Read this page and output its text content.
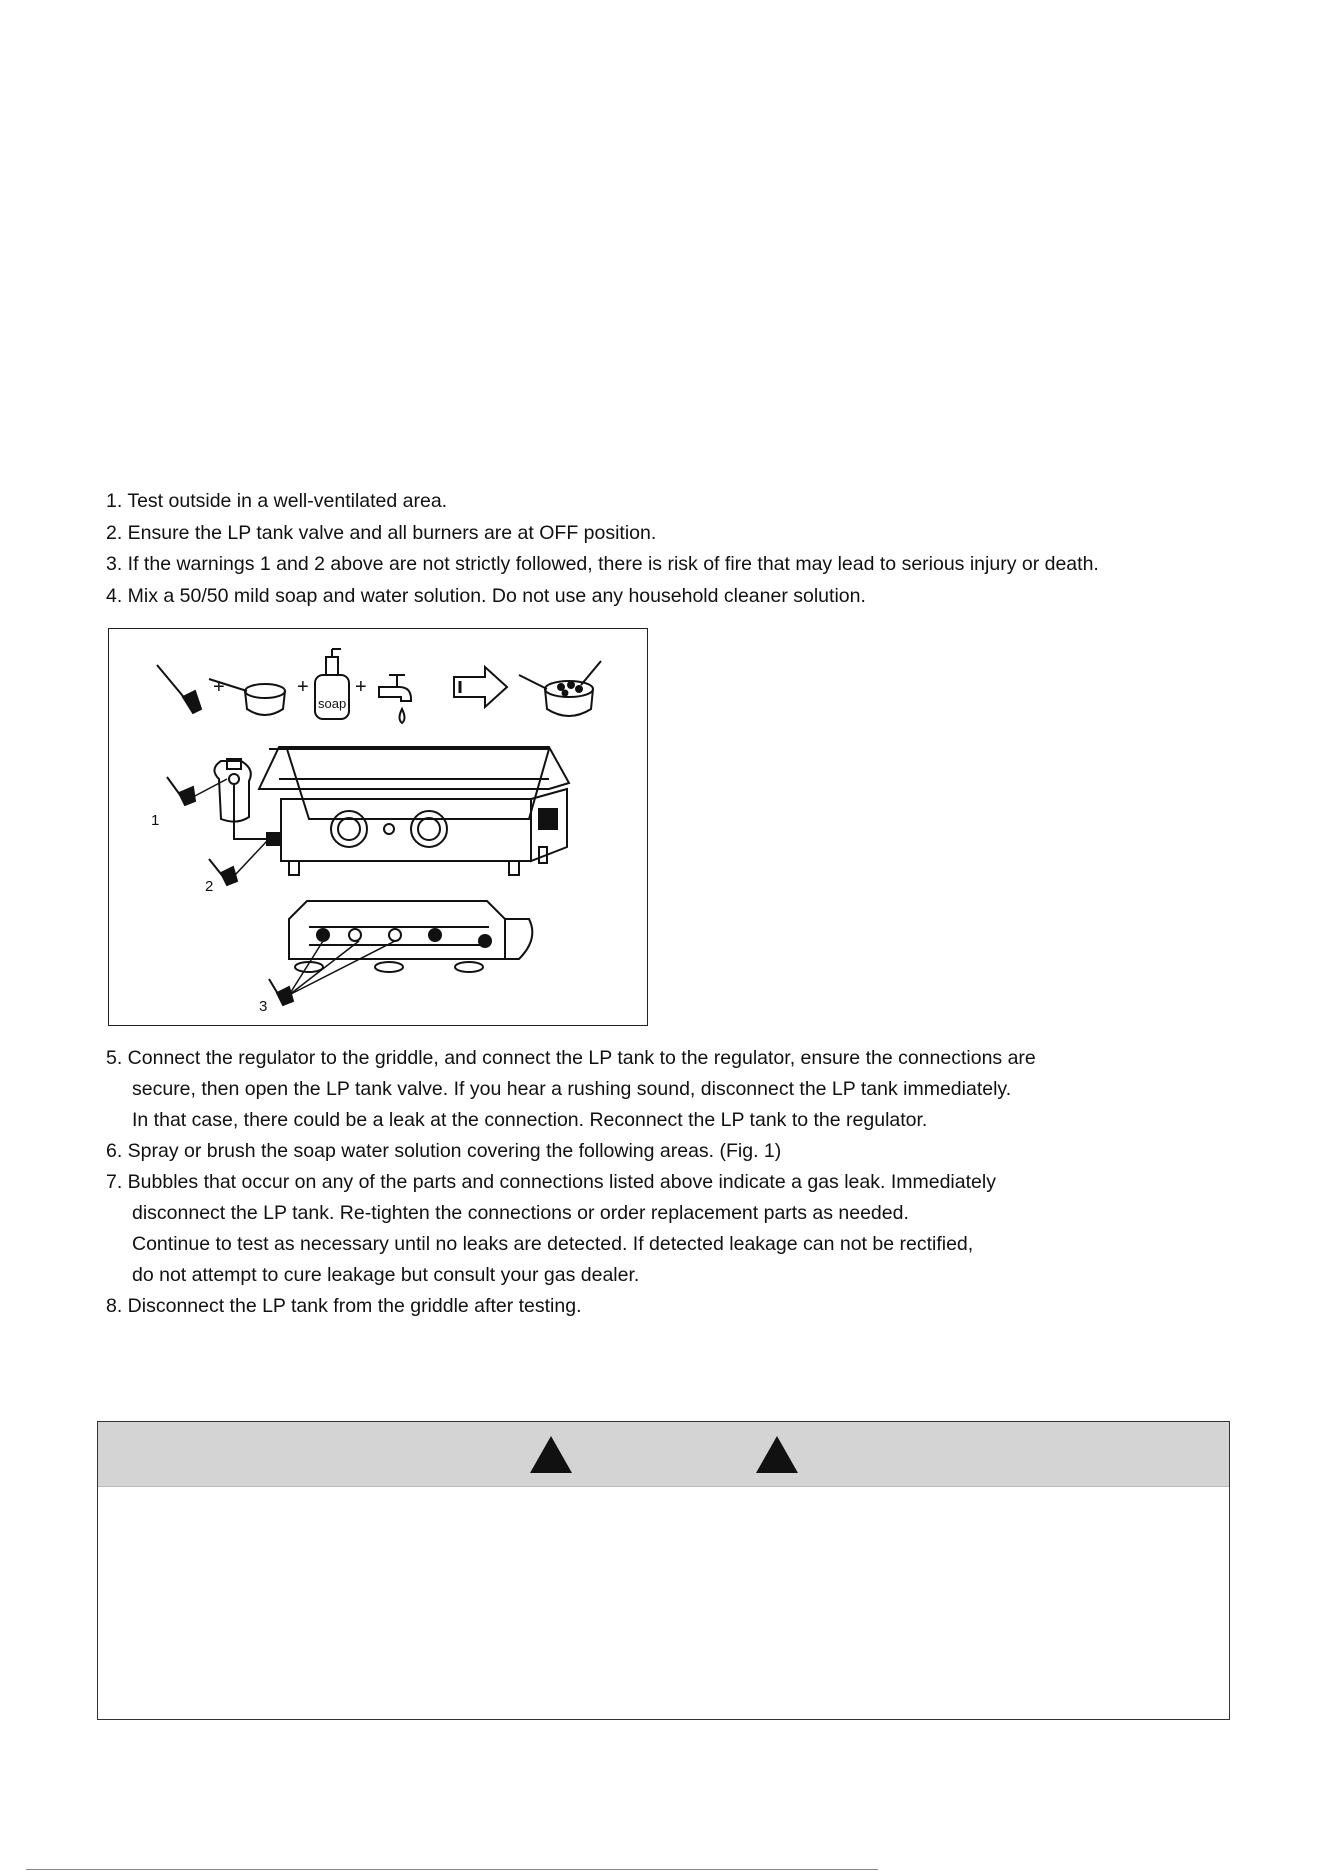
1. Test outside in a well-ventilated area.
2. Ensure the LP tank valve and all burners are at OFF position.
3. If the warnings 1 and 2 above are not strictly followed, there is risk of fire that may lead to serious injury or death.
4. Mix a 50/50 mild soap and water solution. Do not use any household cleaner solution.
+	+
soap
+
1
2
3
5. Connect the regulator to the griddle, and connect the LP tank to the regulator, ensure the connections are
secure, then open the LP tank valve. If you hear a rushing sound, disconnect the LP tank immediately.
In that case, there could be a leak at the connection. Reconnect the LP tank to the regulator.
6. Spray or brush the soap water solution covering the following areas. (Fig. 1)
7. Bubbles that occur on any of the parts and connections listed above indicate a gas leak. Immediately
disconnect the LP tank. Re-tighten the connections or order replacement parts as needed.
Continue to test as necessary until no leaks are detected. If detected leakage can not be rectified,
do not attempt to cure leakage but consult your gas dealer.
8. Disconnect the LP tank from the griddle after testing.
